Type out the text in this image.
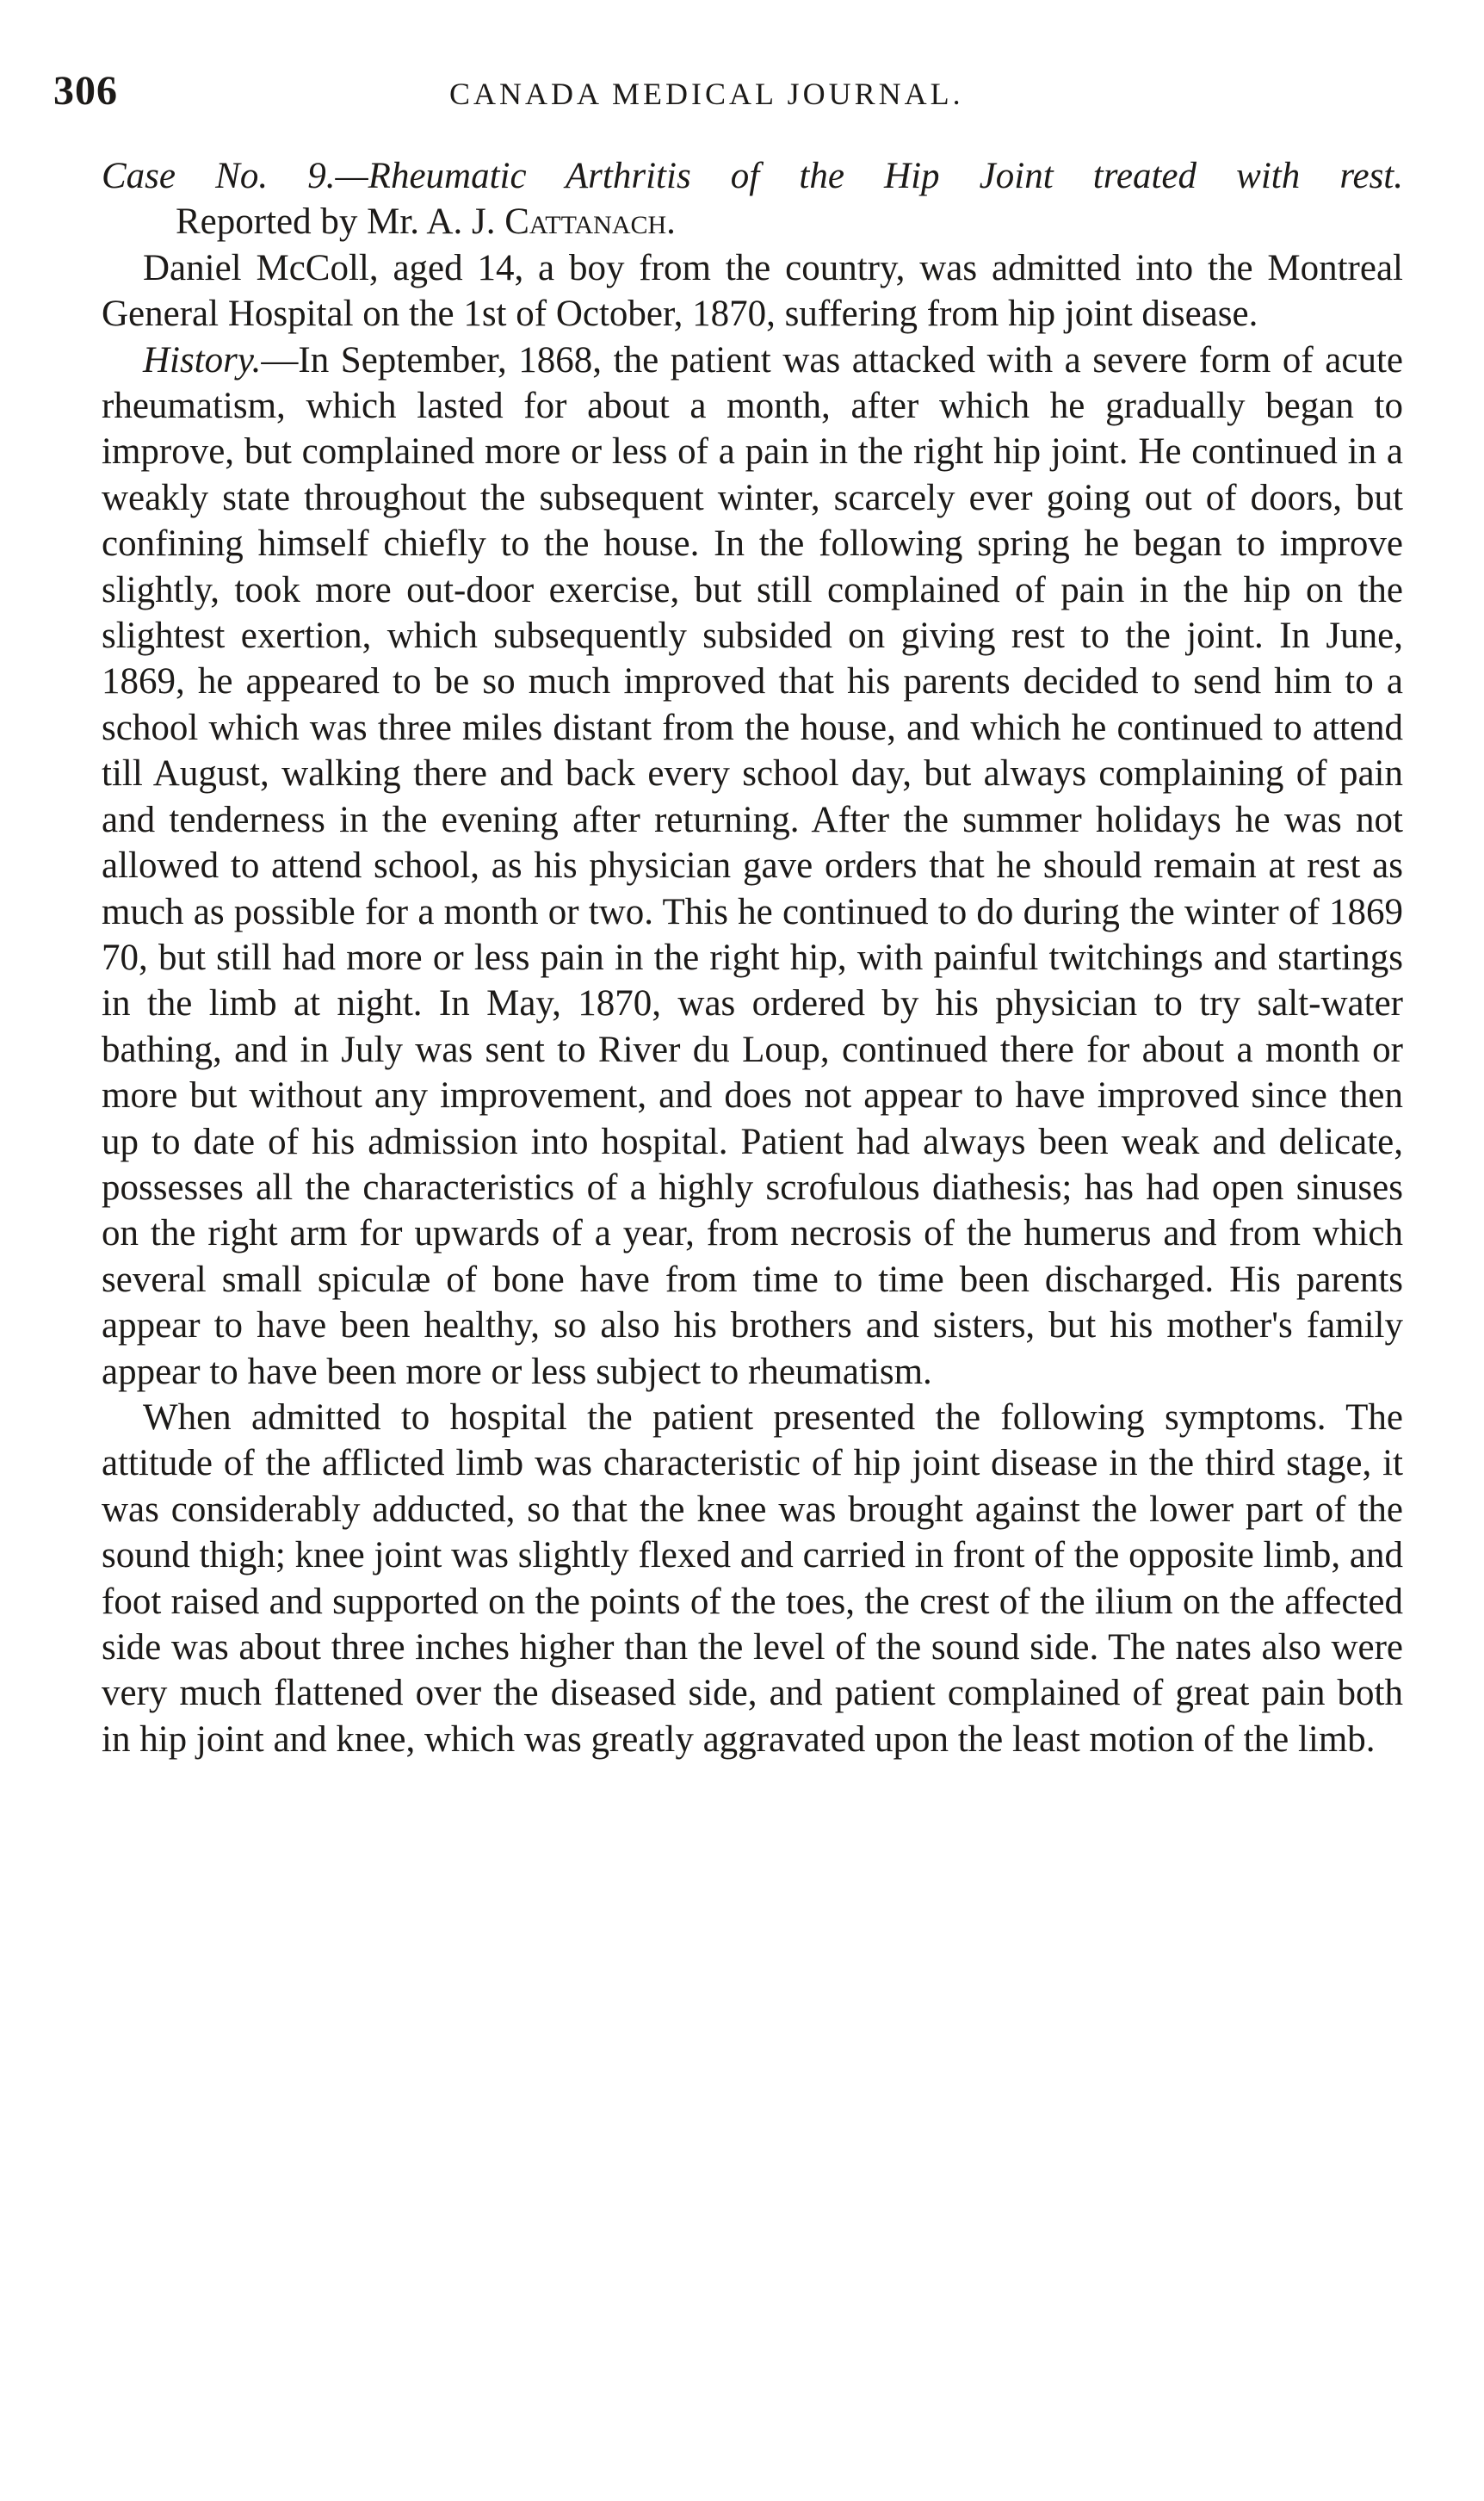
306	CANADA MEDICAL JOURNAL.

Case No. 9.—Rheumatic Arthritis of the Hip Joint treated with rest.

Reported by Mr. A. J. Cattanach.

Daniel McColl, aged 14, a boy from the country, was admitted into the Montreal General Hospital on the 1st of October, 1870, suffering from hip joint disease.

History.—In September, 1868, the patient was attacked with a severe form of acute rheumatism, which lasted for about a month, after which he gradually began to improve, but complained more or less of a pain in the right hip joint. He continued in a weakly state throughout the subsequent winter, scarcely ever going out of doors, but confining himself chiefly to the house. In the following spring he began to improve slightly, took more out-door exercise, but still complained of pain in the hip on the slightest exertion, which subsequently subsided on giving rest to the joint. In June, 1869, he appeared to be so much improved that his parents decided to send him to a school which was three miles distant from the house, and which he continued to attend till August, walking there and back every school day, but always complaining of pain and tenderness in the evening after returning. After the summer holidays he was not allowed to attend school, as his physician gave orders that he should remain at rest as much as possible for a month or two. This he continued to do during the winter of 1869 70, but still had more or less pain in the right hip, with painful twitchings and startings in the limb at night. In May, 1870, was ordered by his physician to try salt-water bathing, and in July was sent to River du Loup, continued there for about a month or more but without any improvement, and does not appear to have improved since then up to date of his admission into hospital. Patient had always been weak and delicate, possesses all the characteristics of a highly scrofulous diathesis; has had open sinuses on the right arm for upwards of a year, from necrosis of the humerus and from which several small spiculæ of bone have from time to time been discharged. His parents appear to have been healthy, so also his brothers and sisters, but his mother's family appear to have been more or less subject to rheumatism.

When admitted to hospital the patient presented the following symptoms. The attitude of the afflicted limb was characteristic of hip joint disease in the third stage, it was considerably adducted, so that the knee was brought against the lower part of the sound thigh; knee joint was slightly flexed and carried in front of the opposite limb, and foot raised and supported on the points of the toes, the crest of the ilium on the affected side was about three inches higher than the level of the sound side. The nates also were very much flattened over the diseased side, and patient complained of great pain both in hip joint and knee, which was greatly aggravated upon the least motion of the limb.
